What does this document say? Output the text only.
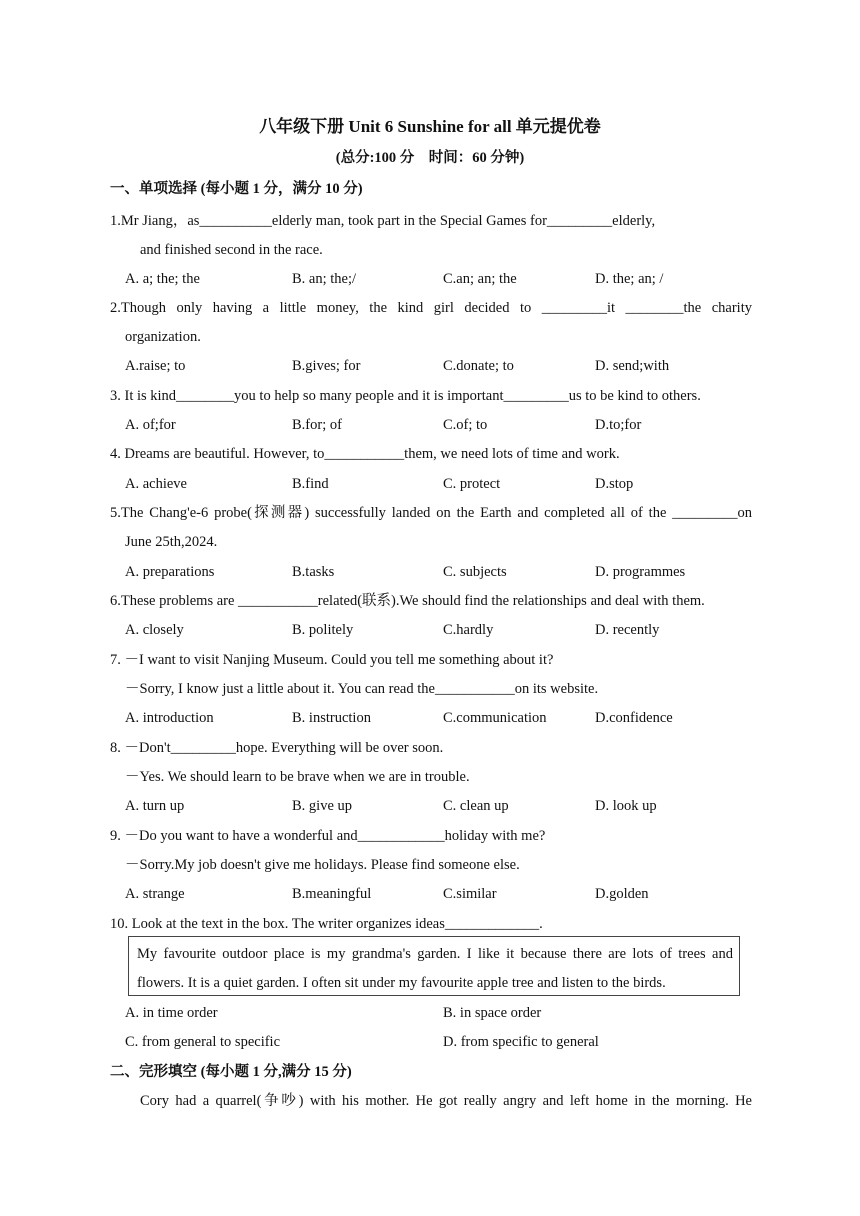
八年级下册 Unit 6 Sunshine for all 单元提优卷
(总分:100 分　时间：60 分钟)
一、单项选择 (每小题 1 分，满分 10 分)
1.Mr Jiang，as__________elderly man, took part in the Special Games for_________elderly,
and finished second in the race.
A. a; the; the	B. an; the;/	C.an; an; the	D. the; an; /
2.Though only having a little money, the kind girl decided to _________it ________the charity
organization.
A.raise; to	B.gives; for	C.donate; to	D. send;with
3. It is kind________you to help so many people and it is important_________us to be kind to others.
A. of;for	B.for; of	C.of; to	D.to;for
4. Dreams are beautiful. However, to___________them, we need lots of time and work.
A. achieve	B.find	C. protect	D.stop
5.The Chang'e-6 probe(探测器) successfully landed on the Earth and completed all of the _________on
June 25th,2024.
A. preparations	B.tasks	C. subjects	D. programmes
6.These problems are ___________related(联系).We should find the relationships and deal with them.
A. closely	B. politely	C.hardly	D. recently
7. －I want to visit Nanjing Museum. Could you tell me something about it?
－Sorry, I know just a little about it. You can read the___________on its website.
A. introduction	B. instruction	C.communication	D.confidence
8. －Don't_________hope. Everything will be over soon.
－Yes. We should learn to be brave when we are in trouble.
A. turn up	B. give up	C. clean up	D. look up
9. －Do you want to have a wonderful and____________holiday with me?
－Sorry.My job doesn't give me holidays. Please find someone else.
A. strange	B.meaningful	C.similar	D.golden
10. Look at the text in the box. The writer organizes ideas_____________.
My favourite outdoor place is my grandma's garden. I like it because there are lots of trees and
flowers. It is a quiet garden. I often sit under my favourite apple tree and listen to the birds.
A. in time order	B. in space order
C. from general to specific	D. from specific to general
二、完形填空 (每小题 1 分,满分 15 分)
Cory had a quarrel(争吵) with his mother. He got really angry and left home in the morning. He
